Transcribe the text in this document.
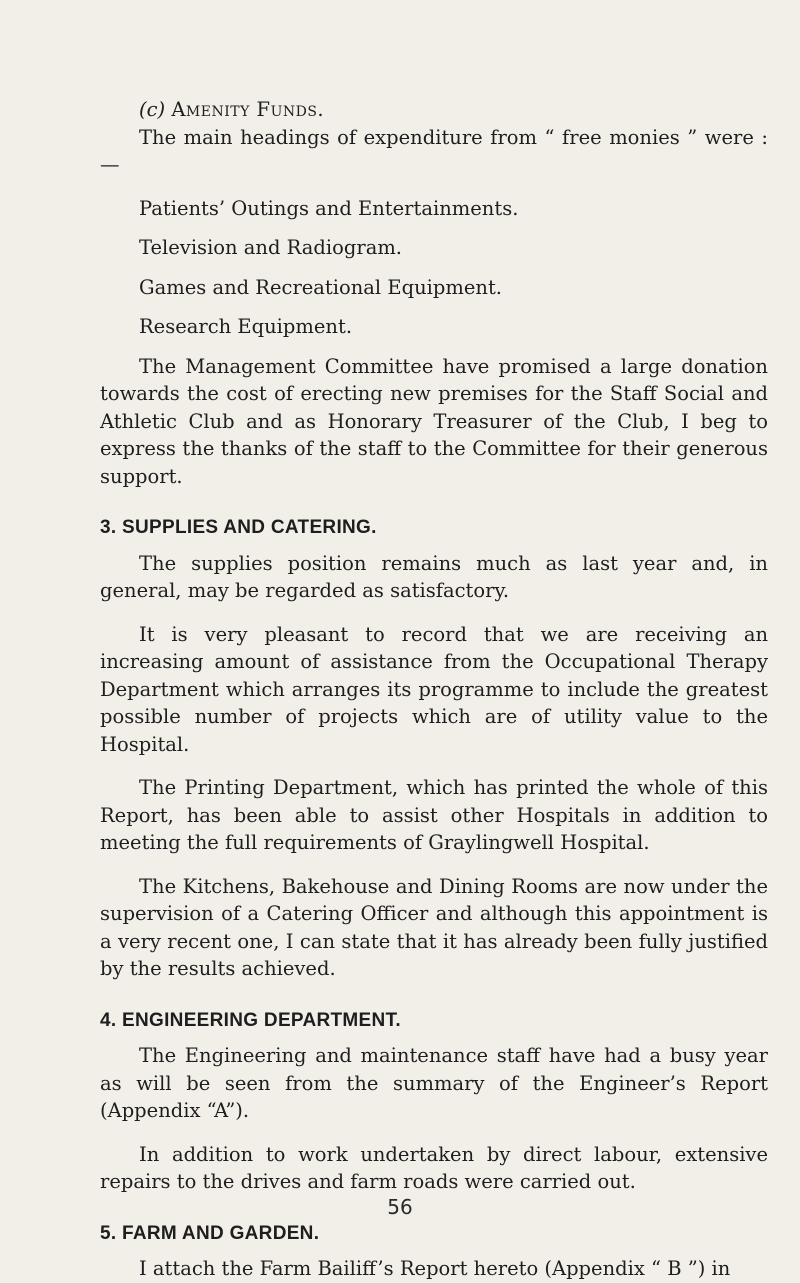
(c) Amenity Funds.

The main headings of expenditure from “ free monies ” were :—

Patients’ Outings and Entertainments.

Television and Radiogram.

Games and Recreational Equipment.

Research Equipment.

The Management Committee have promised a large donation towards the cost of erecting new premises for the Staff Social and Athletic Club and as Honorary Treasurer of the Club, I beg to express the thanks of the staff to the Committee for their generous support.

3. SUPPLIES AND CATERING.

The supplies position remains much as last year and, in general, may be regarded as satisfactory.

It is very pleasant to record that we are receiving an increasing amount of assistance from the Occupational Therapy Department which arranges its programme to include the greatest possible number of projects which are of utility value to the Hospital.

The Printing Department, which has printed the whole of this Report, has been able to assist other Hospitals in addition to meeting the full requirements of Graylingwell Hospital.

The Kitchens, Bakehouse and Dining Rooms are now under the supervision of a Catering Officer and although this appointment is a very recent one, I can state that it has already been fully justified by the results achieved.

4. ENGINEERING DEPARTMENT.

The Engineering and maintenance staff have had a busy year as will be seen from the summary of the Engineer’s Report (Appendix “A”).

In addition to work undertaken by direct labour, extensive repairs to the drives and farm roads were carried out.

5. FARM AND GARDEN.

I attach the Farm Bailiff’s Report hereto (Appendix “ B ”) in

56
